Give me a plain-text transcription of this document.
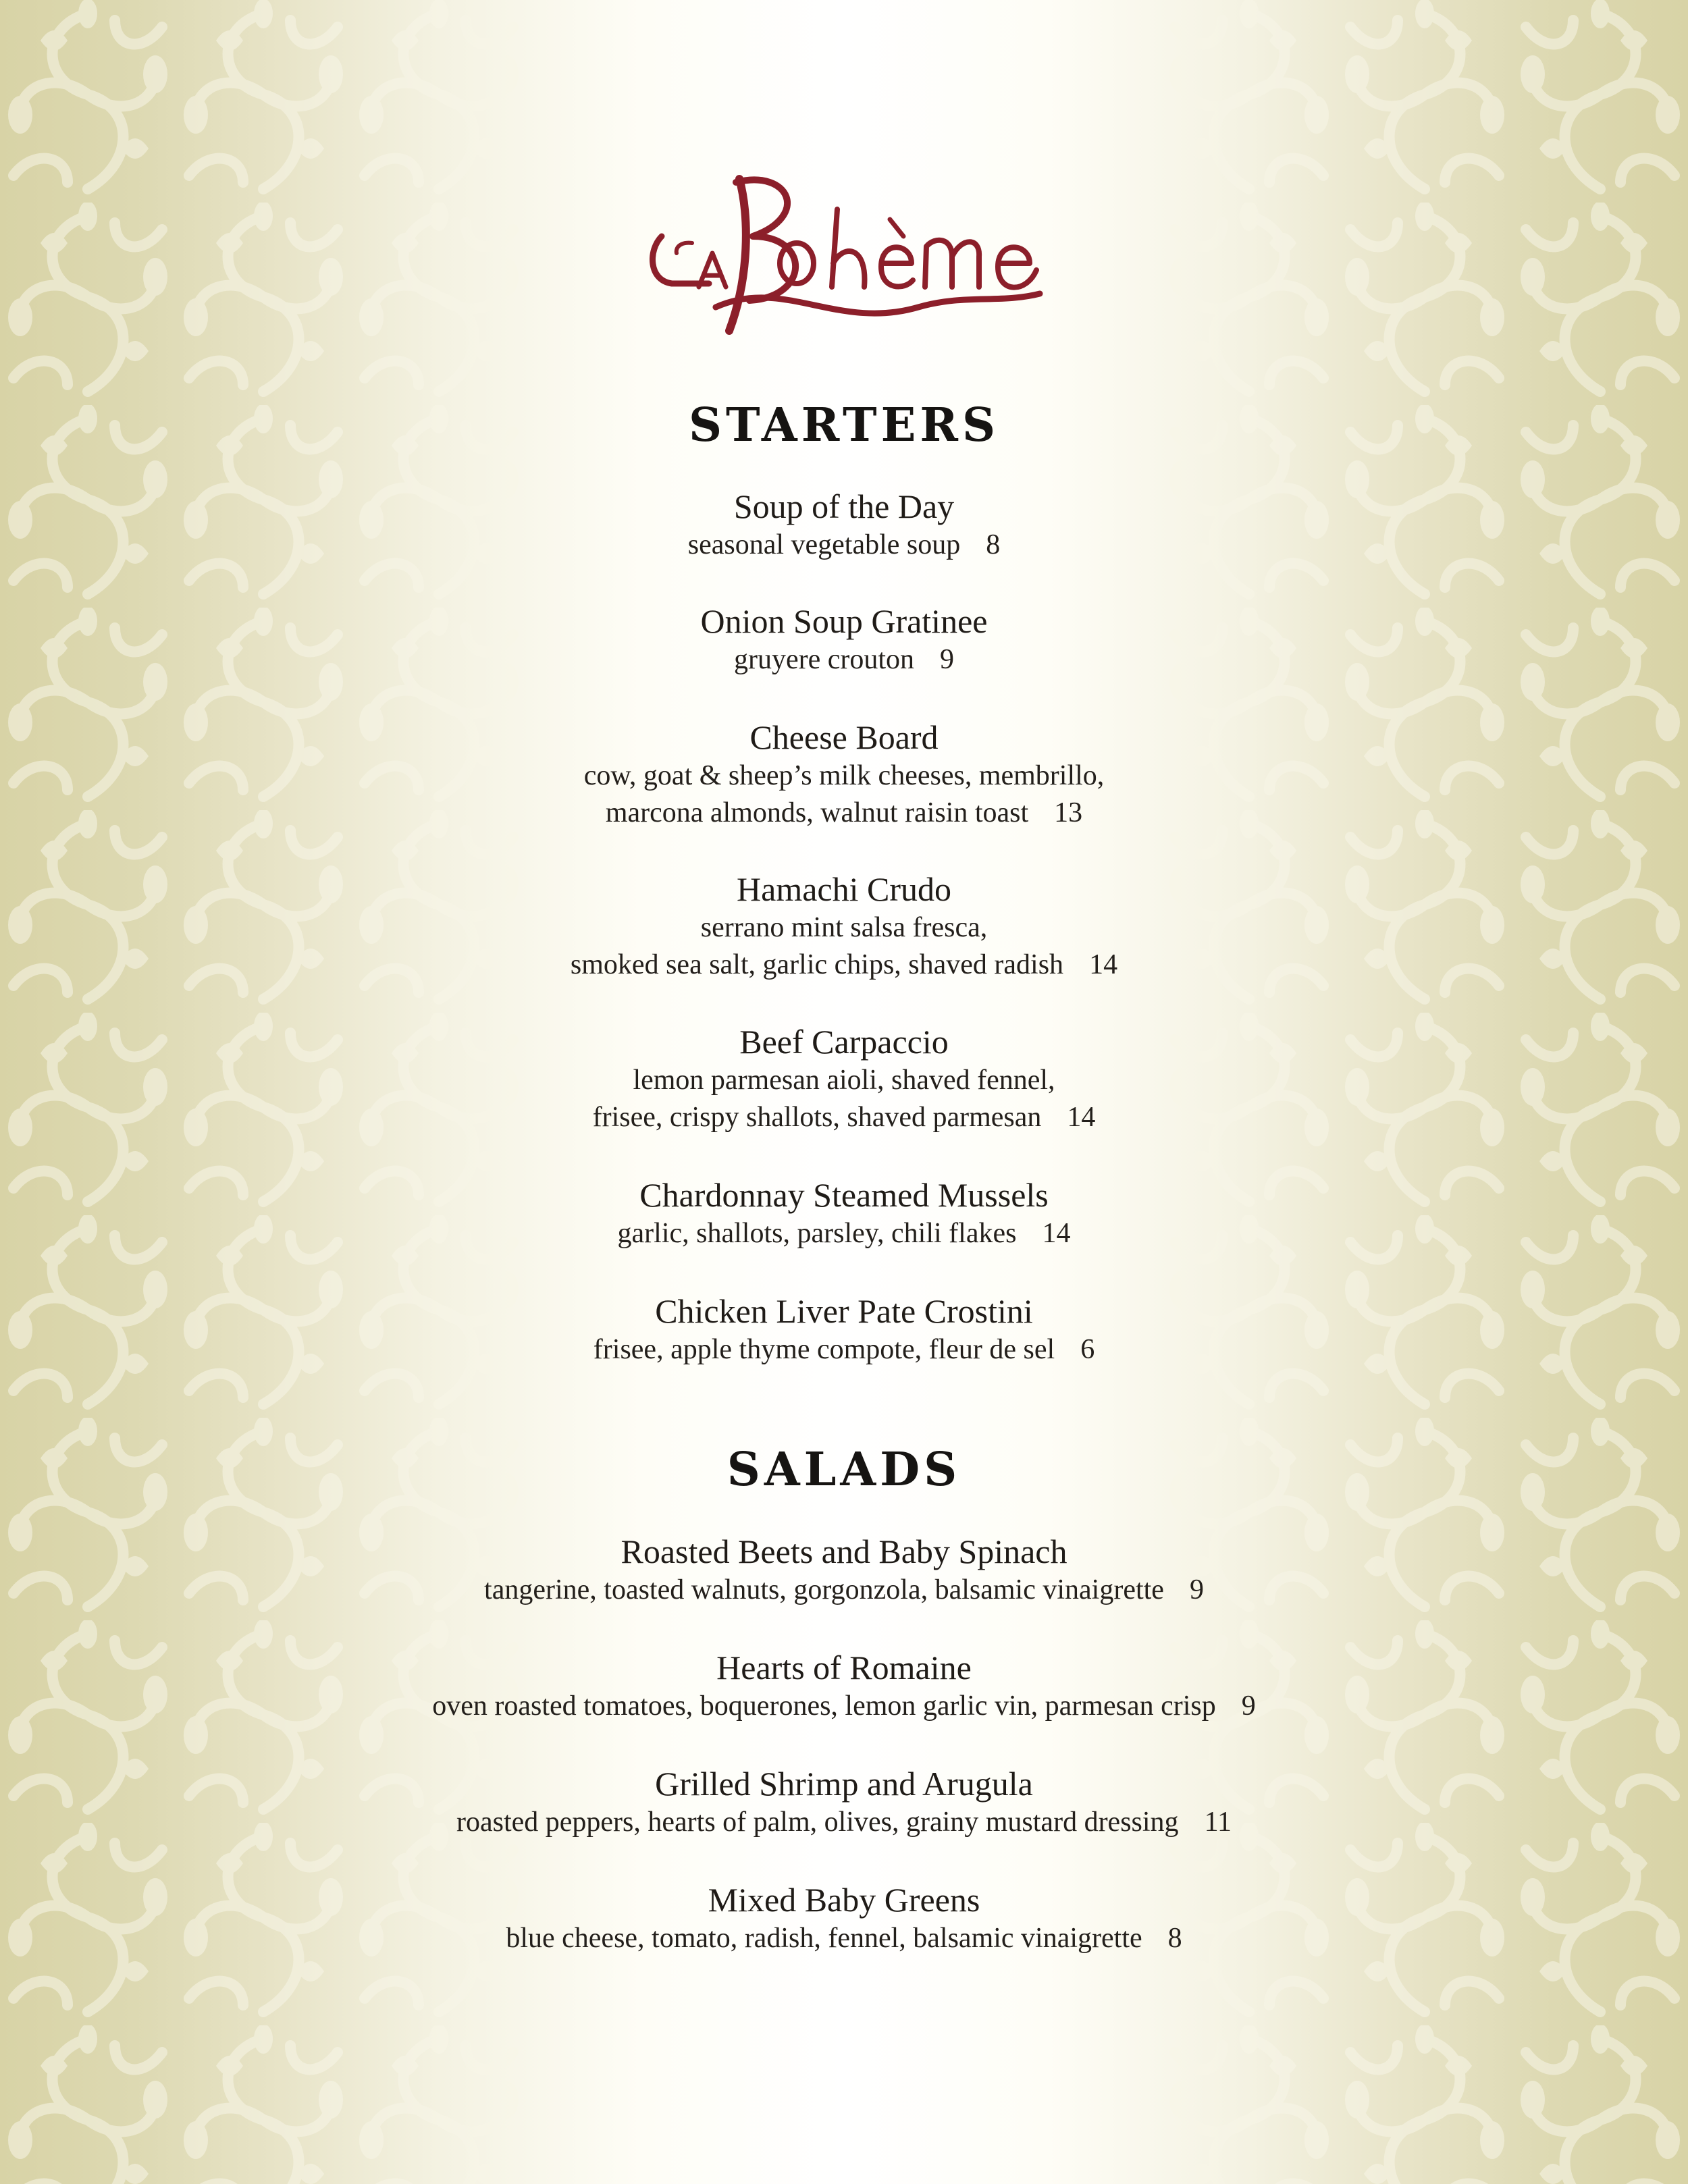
STARTERS
Soup of the Day
seasonal vegetable soup 8
Onion Soup Gratinee
gruyere crouton 9
Cheese Board
cow, goat & sheep’s milk cheeses, membrillo,
marcona almonds, walnut raisin toast 13
Hamachi Crudo
serrano mint salsa fresca,
smoked sea salt, garlic chips, shaved radish 14
Beef Carpaccio
lemon parmesan aioli, shaved fennel,
frisee, crispy shallots, shaved parmesan 14
Chardonnay Steamed Mussels
garlic, shallots, parsley, chili flakes 14
Chicken Liver Pate Crostini
frisee, apple thyme compote, fleur de sel 6
SALADS
Roasted Beets and Baby Spinach
tangerine, toasted walnuts, gorgonzola, balsamic vinaigrette 9
Hearts of Romaine
oven roasted tomatoes, boquerones, lemon garlic vin, parmesan crisp 9
Grilled Shrimp and Arugula
roasted peppers, hearts of palm, olives, grainy mustard dressing 11
Mixed Baby Greens
blue cheese, tomato, radish, fennel, balsamic vinaigrette 8
